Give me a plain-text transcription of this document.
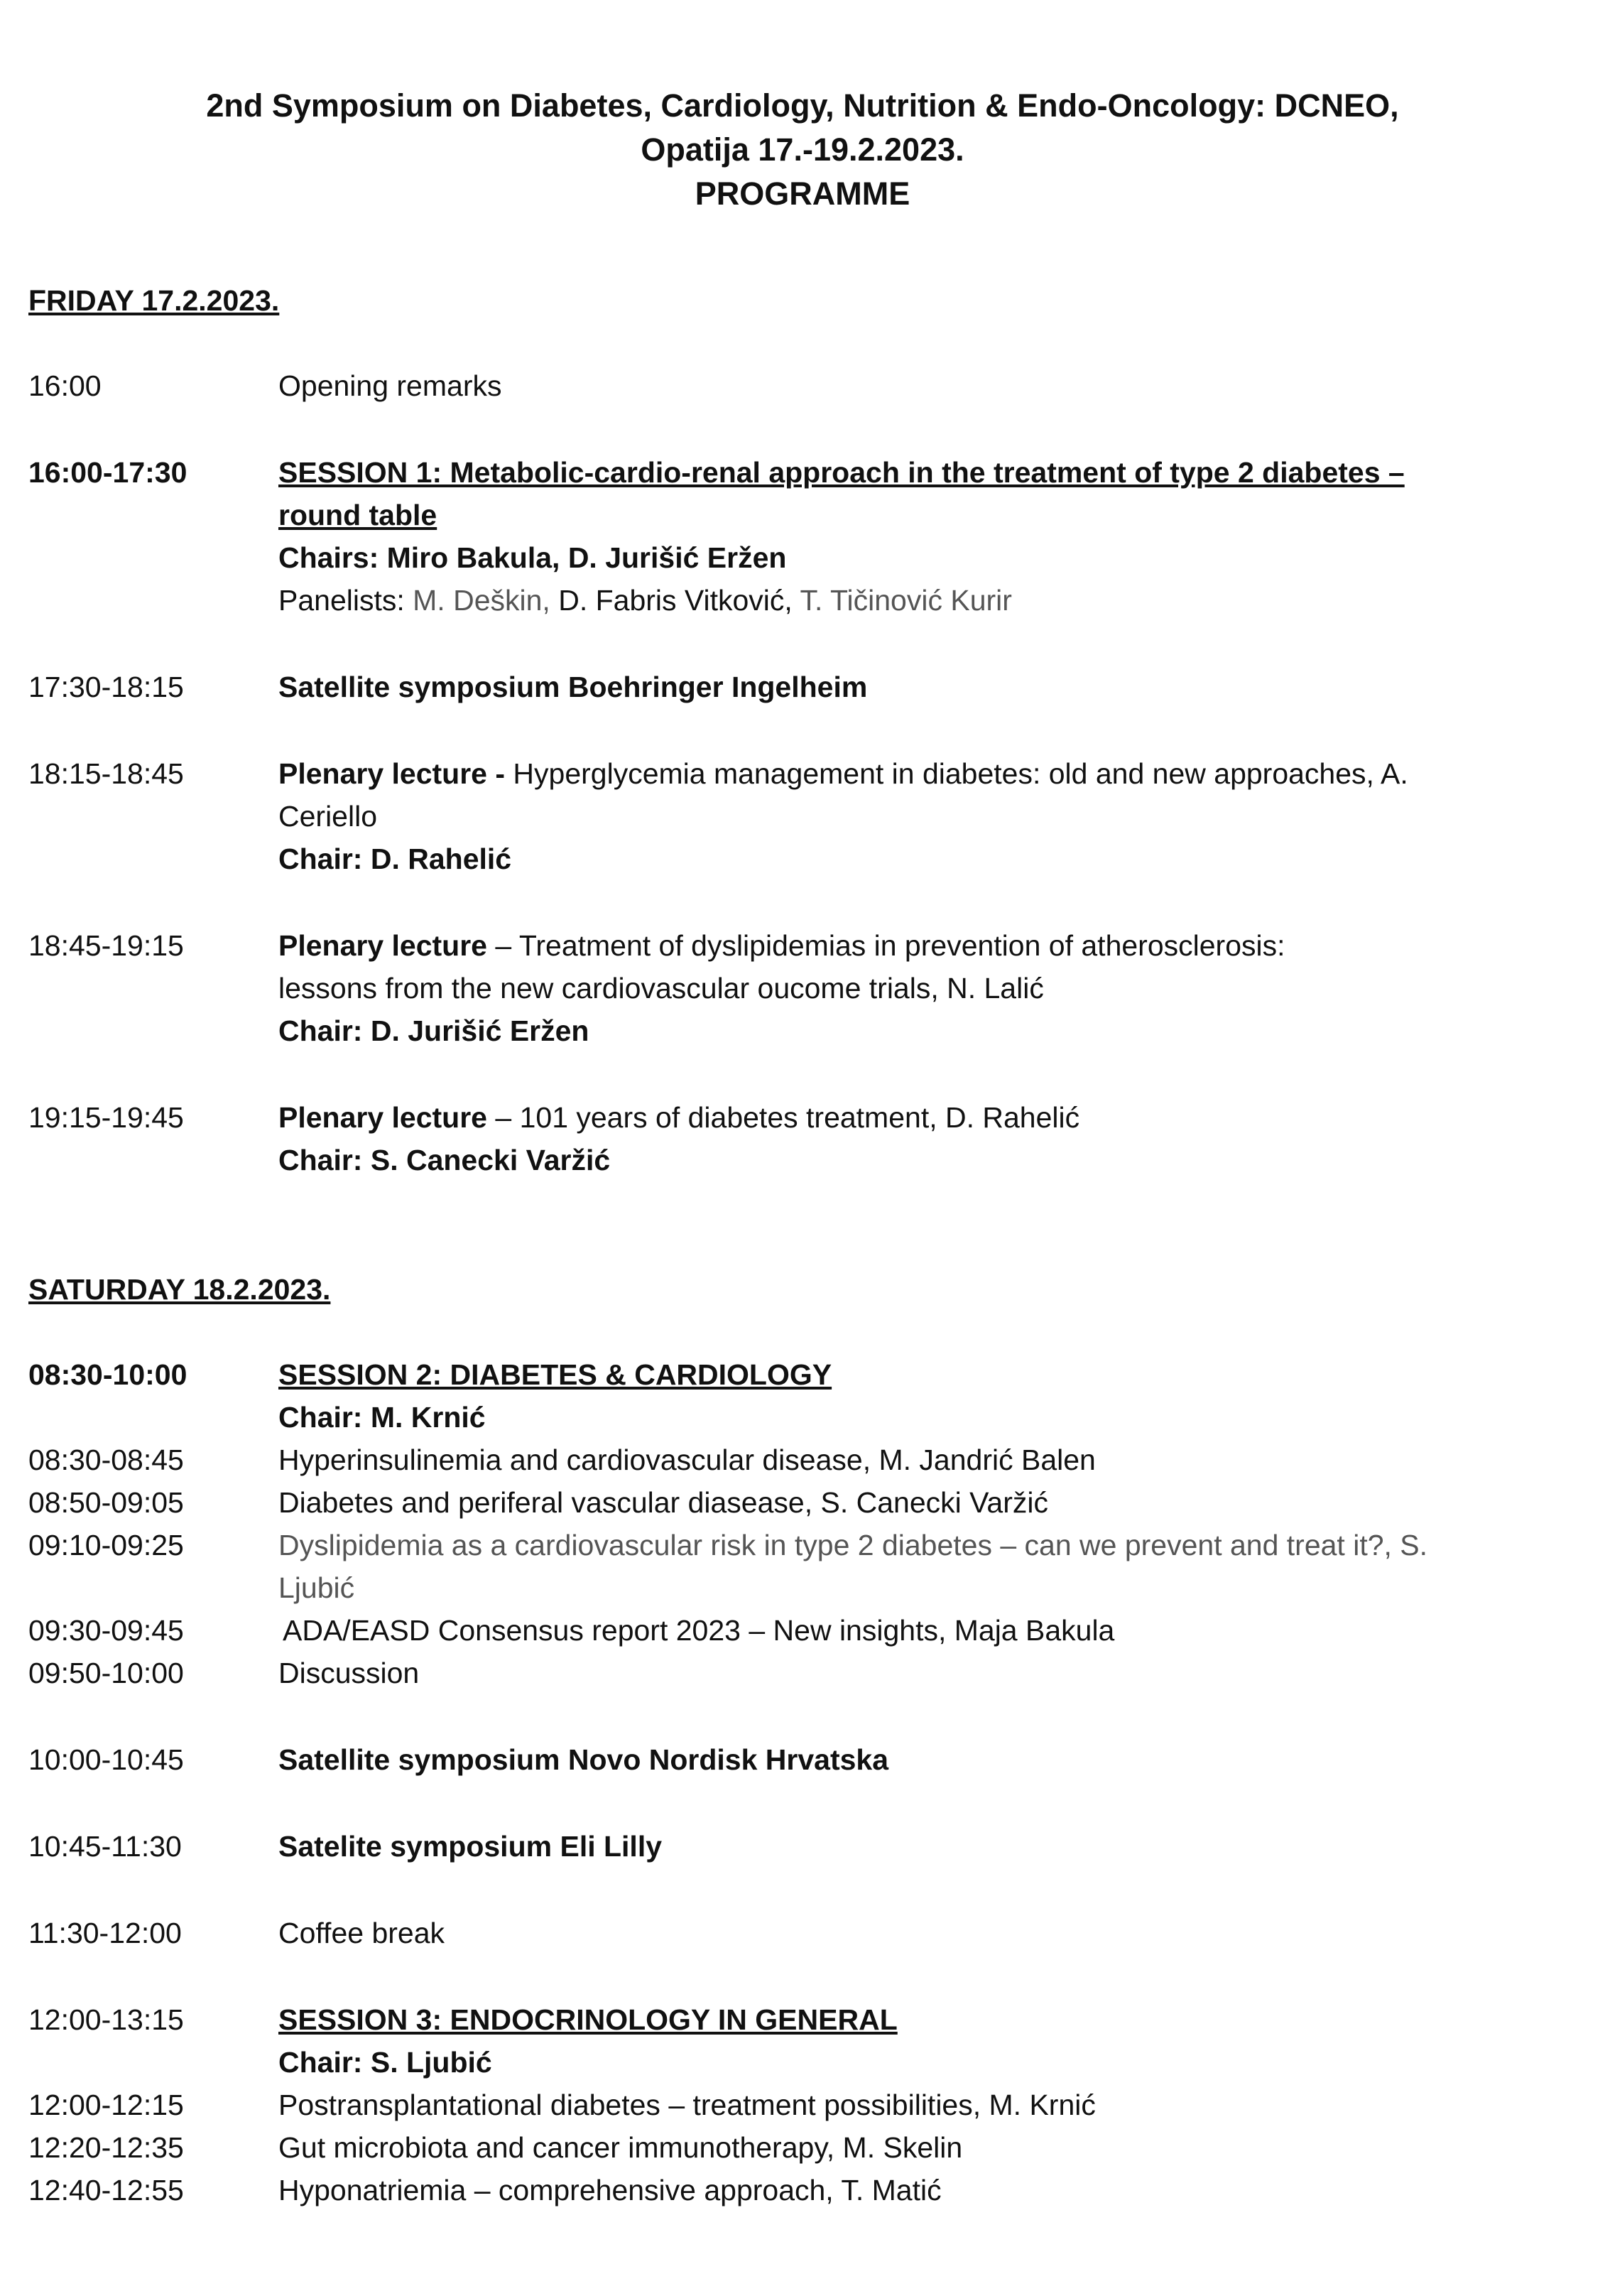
2nd Symposium on Diabetes, Cardiology, Nutrition & Endo-Oncology: DCNEO,
Opatija 17.-19.2.2023.
PROGRAMME
FRIDAY 17.2.2023.
16:00	Opening remarks
16:00-17:30	SESSION 1: Metabolic-cardio-renal approach in the treatment of type 2 diabetes –
round table
Chairs: Miro Bakula, D. Jurišić Eržen
Panelists: M. Deškin, D. Fabris Vitković, T. Tičinović Kurir
17:30-18:15	Satellite symposium Boehringer Ingelheim
18:15-18:45	Plenary lecture - Hyperglycemia management in diabetes: old and new approaches, A.
Ceriello
Chair: D. Rahelić
18:45-19:15	Plenary lecture – Treatment of dyslipidemias in prevention of atherosclerosis:
lessons from the new cardiovascular oucome trials, N. Lalić
Chair: D. Jurišić Eržen
19:15-19:45	Plenary lecture – 101 years of diabetes treatment, D. Rahelić
Chair: S. Canecki Varžić
SATURDAY 18.2.2023.
08:30-10:00	SESSION 2: DIABETES & CARDIOLOGY
Chair: M. Krnić
08:30-08:45	Hyperinsulinemia and cardiovascular disease, M. Jandrić Balen
08:50-09:05	Diabetes and periferal vascular diasease, S. Canecki Varžić
09:10-09:25	Dyslipidemia as a cardiovascular risk in type 2 diabetes – can we prevent and treat it?, S.
Ljubić
09:30-09:45	ADA/EASD Consensus report 2023 – New insights, Maja Bakula
09:50-10:00	Discussion
10:00-10:45	Satellite symposium Novo Nordisk Hrvatska
10:45-11:30	Satelite symposium Eli Lilly
11:30-12:00	Coffee break
12:00-13:15	SESSION 3: ENDOCRINOLOGY IN GENERAL
Chair: S. Ljubić
12:00-12:15	Postransplantational diabetes – treatment possibilities, M. Krnić
12:20-12:35	Gut microbiota and cancer immunotherapy, M. Skelin
12:40-12:55	Hyponatriemia – comprehensive approach, T. Matić
